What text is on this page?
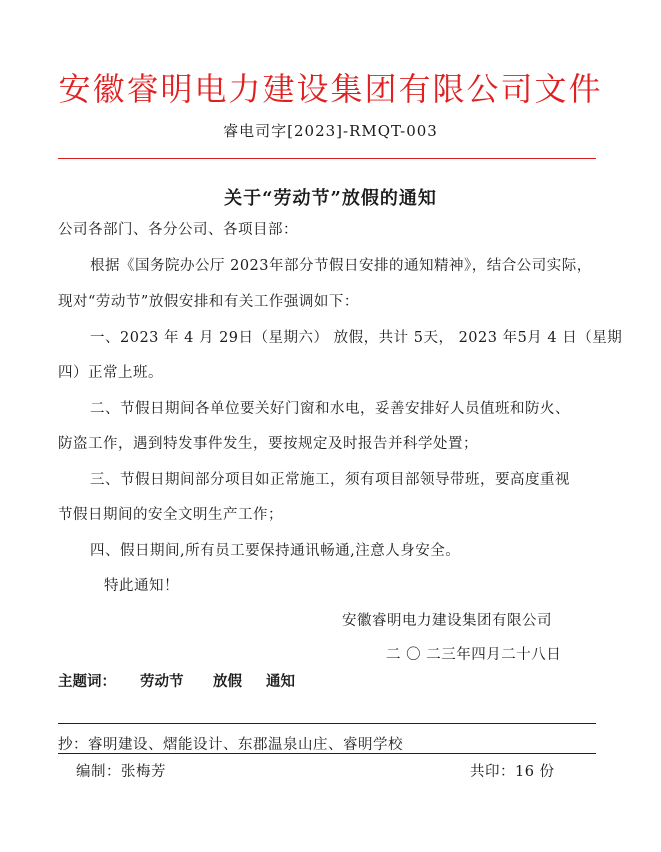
安徽睿明电力建设集团有限公司文件
睿电司字[2023]-RMQT-003
关于“劳动节”放假的通知
公司各部门、各分公司、各项目部：
根据《国务院办公厅 2023年部分节假日安排的通知精神》，结合公司实际，
现对“劳动节”放假安排和有关工作强调如下：
一、2023 年 4 月 29日（星期六） 放假，共计 5天， 2023 年5月 4 日（星期
四）正常上班。
二、节假日期间各单位要关好门窗和水电，妥善安排好人员值班和防火、
防盗工作，遇到特发事件发生，要按规定及时报告并科学处置；
三、节假日期间部分项目如正常施工，须有项目部领导带班，要高度重视
节假日期间的安全文明生产工作；
四、假日期间,所有员工要保持通讯畅通,注意人身安全。
特此通知！
安徽睿明电力建设集团有限公司
二 〇 二三年四月二十八日
主题词： 劳动节 放假 通知
抄：睿明建设、熠能设计、东郡温泉山庄、睿明学校
编制：张梅芳	共印：16 份
